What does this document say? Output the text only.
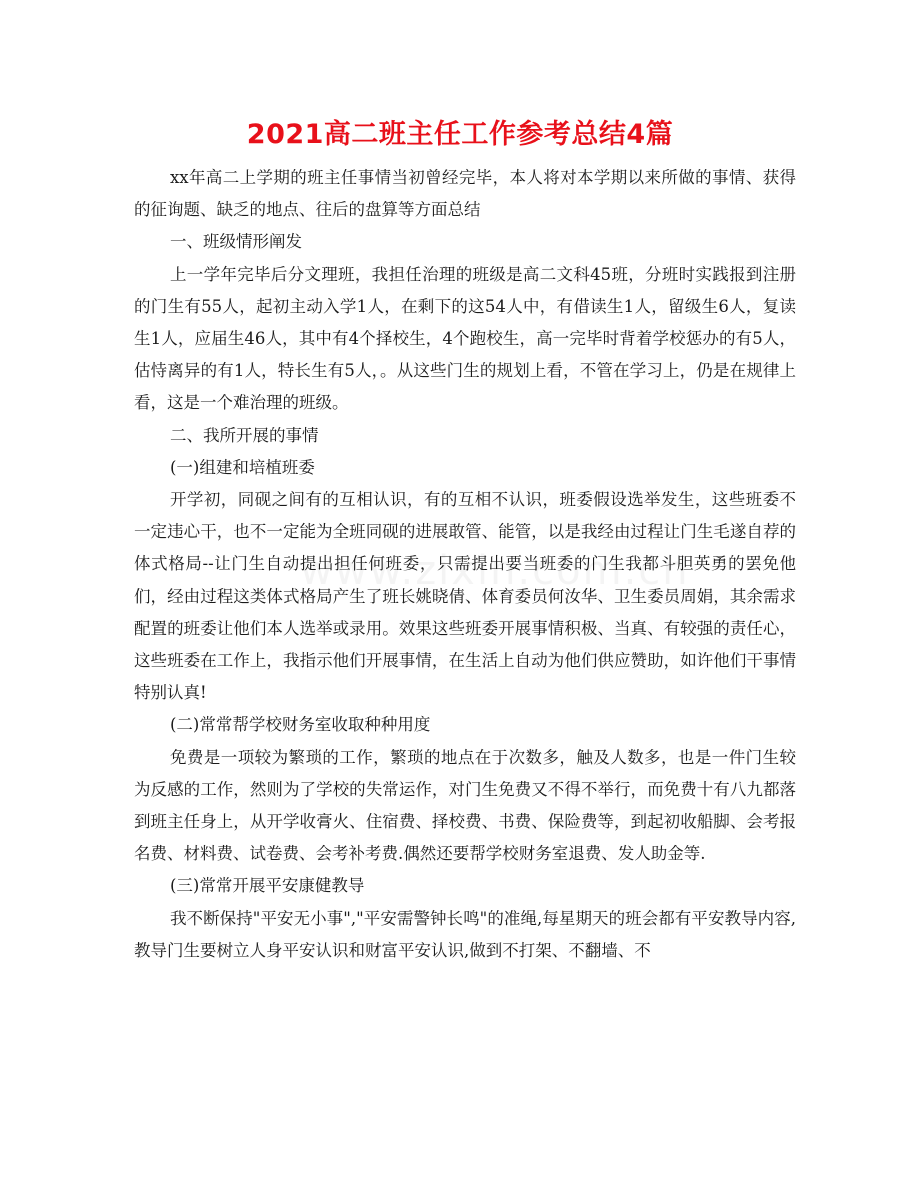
2021高二班主任工作参考总结4篇

xx年高二上学期的班主任事情当初曾经完毕，本人将对本学期以来所做的事情、获得的征询题、缺乏的地点、往后的盘算等方面总结

一、班级情形阐发

上一学年完毕后分文理班，我担任治理的班级是高二文科45班，分班时实践报到注册的门生有55人，起初主动入学1人，在剩下的这54人中，有借读生1人，留级生6人，复读生1人，应届生46人，其中有4个择校生，4个跑校生，高一完毕时背着学校惩办的有5人，估恃离异的有1人，特长生有5人，。从这些门生的规划上看，不管在学习上，仍是在规律上看，这是一个难治理的班级。

二、我所开展的事情

(一)组建和培植班委

开学初，同砚之间有的互相认识，有的互相不认识，班委假设选举发生，这些班委不一定违心干，也不一定能为全班同砚的进展敢管、能管，以是我经由过程让门生毛遂自荐的体式格局--让门生自动提出担任何班委，只需提出要当班委的门生我都斗胆英勇的罢免他们，经由过程这类体式格局产生了班长姚晓倩、体育委员何汝华、卫生委员周娟，其余需求配置的班委让他们本人选举或录用。效果这些班委开展事情积极、当真、有较强的责任心，这些班委在工作上，我指示他们开展事情，在生活上自动为他们供应赞助，如许他们干事情特别认真!

(二)常常帮学校财务室收取种种用度

免费是一项较为繁琐的工作，繁琐的地点在于次数多，触及人数多，也是一件门生较为反感的工作，然则为了学校的失常运作，对门生免费又不得不举行，而免费十有八九都落到班主任身上，从开学收膏火、住宿费、择校费、书费、保险费等，到起初收船脚、会考报名费、材料费、试卷费、会考补考费.偶然还要帮学校财务室退费、发人助金等.

(三)常常开展平安康健教导

我不断保持"平安无小事","平安需警钟长鸣"的准绳,每星期天的班会都有平安教导内容,教导门生要树立人身平安认识和财富平安认识,做到不打架、不翻墙、不
